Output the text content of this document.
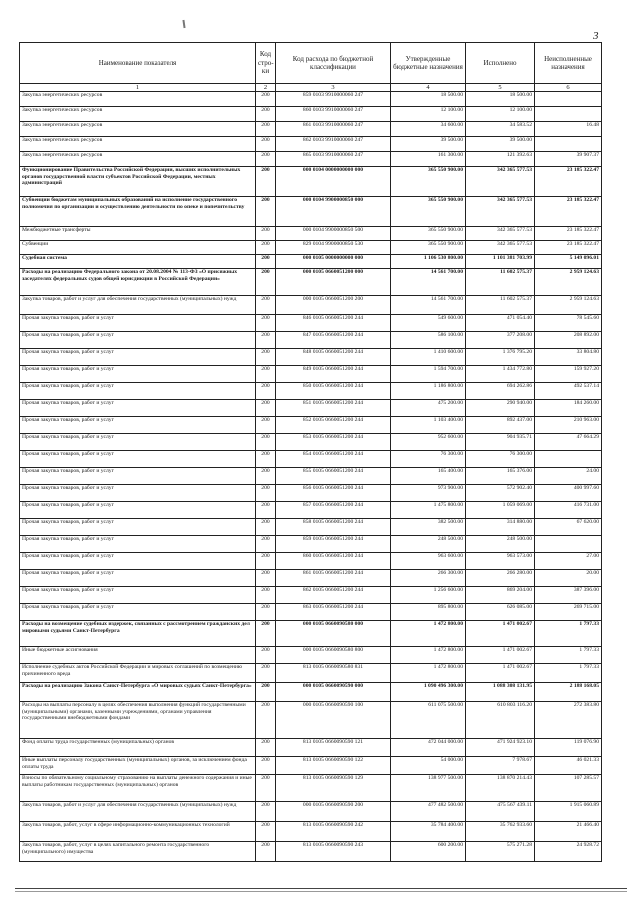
3
Наименование показателя	Код стро-ки	Код расхода по бюджетной классификации	Утвержденные бюджетные назначения	Исполнено	Неисполненные назначения
1	2	3	4	5	6
Закупка энергетических ресурсов	200	859 0103 9910000060 247	18 500.00	18 500.00	
Закупка энергетических ресурсов	200	860 0103 9910000060 247	12 100.00	12 100.00	
Закупка энергетических ресурсов	200	861 0103 9910000060 247	34 600.00	34 583.52	16.48
Закупка энергетических ресурсов	200	862 0103 9910000060 247	39 500.00	39 500.00	
Закупка энергетических ресурсов	200	865 0103 9910000060 247	161 300.00	121 392.63	39 907.37
Функционирование Правительства Российской Федерации, высших исполнительных органов государственной власти субъектов Российской Федерации, местных администраций	200	000 0104 0000000000 000	365 550 900.00	342 365 577.53	23 185 322.47
Субвенции бюджетам муниципальных образований на исполнение государственного полномочия по организации и осуществлению деятельности по опеке и попечительству	200	000 0104 9900000850 000	365 550 900.00	342 365 577.53	23 185 322.47
Межбюджетные трансферты	200	000 0104 9900000850 500	365 550 900.00	342 365 577.53	23 185 322.47
Субвенции	200	829 0104 9900000850 530	365 550 900.00	342 365 577.53	23 185 322.47
Судебная система	200	000 0105 0000000000 000	1 106 530 800.00	1 101 381 703.99	5 149 096.01
Расходы на реализацию Федерального закона от 20.08.2004 № 113-ФЗ «О присяжных заседателях федеральных судов общей юрисдикции в Российской Федерации»	200	000 0105 0660051200 000	14 561 700.00	11 602 575.37	2 959 124.63
Закупка товаров, работ и услуг для обеспечения государственных (муниципальных) нужд	200	000 0105 0660051200 200	14 561 700.00	11 602 575.37	2 959 124.63
Прочая закупка товаров, работ и услуг	200	846 0105 0660051200 244	549 600.00	471 054.40	78 545.60
Прочая закупка товаров, работ и услуг	200	847 0105 0660051200 244	586 100.00	377 208.00	208 892.00
Прочая закупка товаров, работ и услуг	200	848 0105 0660051200 244	1 410 600.00	1 376 795.20	33 804.80
Прочая закупка товаров, работ и услуг	200	849 0105 0660051200 244	1 594 700.00	1 434 772.80	159 927.20
Прочая закупка товаров, работ и услуг	200	850 0105 0660051200 244	1 186 800.00	694 262.86	492 537.14
Прочая закупка товаров, работ и услуг	200	851 0105 0660051200 244	475 200.00	290 940.00	184 260.00
Прочая закупка товаров, работ и услуг	200	852 0105 0660051200 244	1 103 400.00	892 437.00	210 963.00
Прочая закупка товаров, работ и услуг	200	853 0105 0660051200 244	952 600.00	904 935.71	47 664.29
Прочая закупка товаров, работ и услуг	200	854 0105 0660051200 244	76 300.00	76 300.00	
Прочая закупка товаров, работ и услуг	200	855 0105 0660051200 244	165 400.00	165 376.00	24.00
Прочая закупка товаров, работ и услуг	200	856 0105 0660051200 244	973 900.00	572 902.40	400 997.60
Прочая закупка товаров, работ и услуг	200	857 0105 0660051200 244	1 475 800.00	1 059 069.00	416 731.00
Прочая закупка товаров, работ и услуг	200	858 0105 0660051200 244	382 500.00	314 880.00	67 620.00
Прочая закупка товаров, работ и услуг	200	859 0105 0660051200 244	248 500.00	248 500.00	
Прочая закупка товаров, работ и услуг	200	860 0105 0660051200 244	963 600.00	963 573.00	27.00
Прочая закупка товаров, работ и услуг	200	861 0105 0660051200 244	266 300.00	266 280.00	20.00
Прочая закупка товаров, работ и услуг	200	862 0105 0660051200 244	1 256 600.00	869 204.00	387 396.00
Прочая закупка товаров, работ и услуг	200	863 0105 0660051200 244	895 800.00	626 085.00	269 715.00
Расходы на возмещение судебных издержек, связанных с рассмотрением гражданских дел мировыми судьями Санкт-Петербурга	200	000 0105 0660090580 000	1 472 800.00	1 471 002.67	1 797.33
Иные бюджетные ассигнования	200	000 0105 0660090580 800	1 472 800.00	1 471 002.67	1 797.33
Исполнение судебных актов Российской Федерации и мировых соглашений по возмещению причиненного вреда	200	813 0105 0660090580 831	1 472 800.00	1 471 002.67	1 797.33
Расходы на реализацию Закона Санкт-Петербурга «О мировых судьях Санкт-Петербурга»	200	000 0105 0660090590 000	1 090 496 300.00	1 088 308 131.95	2 188 168.05
Расходы на выплаты персоналу в целях обеспечения выполнения функций государственными (муниципальными) органами, казенными учреждениями, органами управления государственными внебюджетными фондами	200	000 0105 0660090590 100	611 075 500.00	610 803 116.20	272 383.80
Фонд оплаты труда государственных (муниципальных) органов	200	813 0105 0660090590 121	472 044 000.00	471 924 923.10	119 076.90
Иные выплаты персоналу государственных (муниципальных) органов, за исключением фонда оплаты труда	200	813 0105 0660090590 122	54 000.00	7 978.67	46 021.33
Взносы по обязательному социальному страхованию на выплаты денежного содержания и иные выплаты работникам государственных (муниципальных) органов	200	813 0105 0660090590 129	138 977 500.00	138 870 214.43	107 285.57
Закупка товаров, работ и услуг для обеспечения государственных (муниципальных) нужд	200	000 0105 0660090590 200	477 482 500.00	475 567 439.11	1 915 060.89
Закупка товаров, работ, услуг в сфере информационно-коммуникационных технологий	200	813 0105 0660090590 242	35 784 400.00	35 762 933.60	21 466.40
Закупка товаров, работ, услуг в целях капитального ремонта государственного (муниципального) имущества	200	813 0105 0660090590 243	600 200.00	575 271.28	24 928.72
